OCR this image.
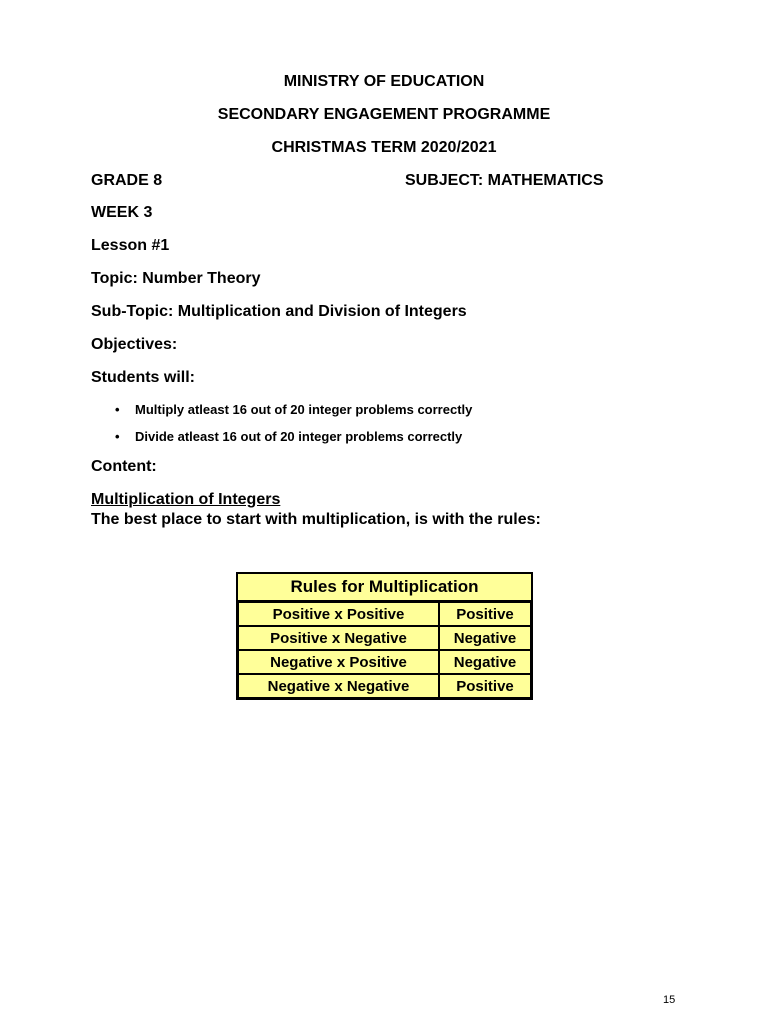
MINISTRY OF EDUCATION
SECONDARY ENGAGEMENT PROGRAMME
CHRISTMAS TERM 2020/2021
GRADE 8	SUBJECT: MATHEMATICS
WEEK 3
Lesson #1
Topic: Number Theory
Sub-Topic: Multiplication and Division of Integers
Objectives:
Students will:
• Multiply atleast 16 out of 20 integer problems correctly
• Divide atleast 16 out of 20 integer problems correctly
Content:
Multiplication of Integers
The best place to start with multiplication, is with the rules:
Rules for Multiplication	
Positive x Positive	Positive
Positive x Negative	Negative
Negative x Positive	Negative
Negative x Negative	Positive
15
